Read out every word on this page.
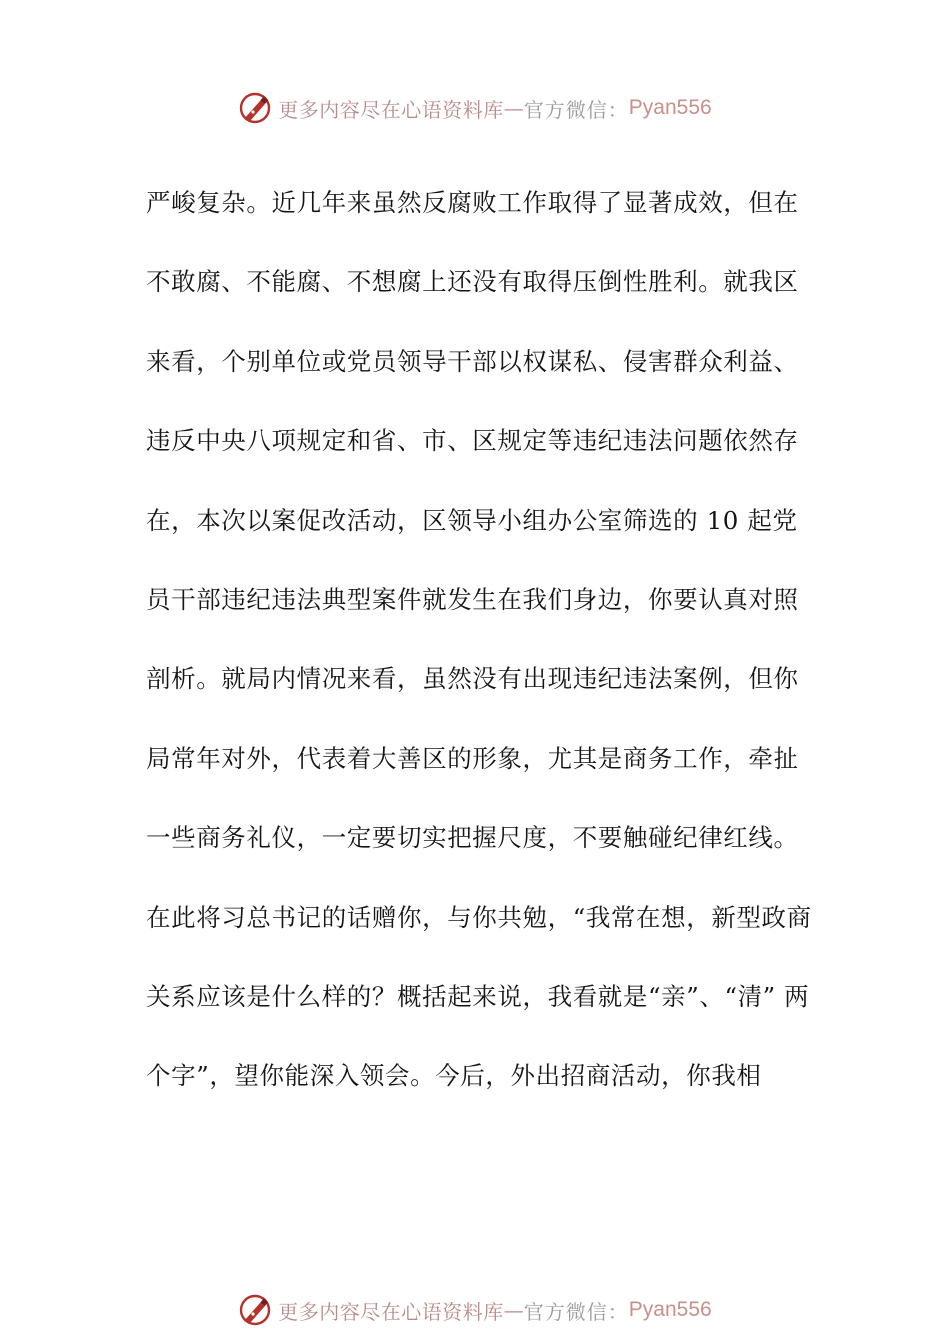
更多内容尽在心语资料库 — 官方微信： Pyan556
严峻复杂。近几年来虽然反腐败工作取得了显著成效，但在
不敢腐、不能腐、不想腐上还没有取得压倒性胜利。就我区
来看，个别单位或党员领导干部以权谋私、侵害群众利益、
违反中央八项规定和省、市、区规定等违纪违法问题依然存
在，本次以案促改活动，区领导小组办公室筛选的 10 起党
员干部违纪违法典型案件就发生在我们身边，你要认真对照
剖析。就局内情况来看，虽然没有出现违纪违法案例，但你
局常年对外，代表着大善区的形象，尤其是商务工作，牵扯
一些商务礼仪，一定要切实把握尺度，不要触碰纪律红线。
在此将习总书记的话赠你，与你共勉，“我常在想，新型政商
关系应该是什么样的？概括起来说，我看就是“亲”、“清” 两
个字”，望你能深入领会。今后，外出招商活动，你我相
更多内容尽在心语资料库 — 官方微信： Pyan556
